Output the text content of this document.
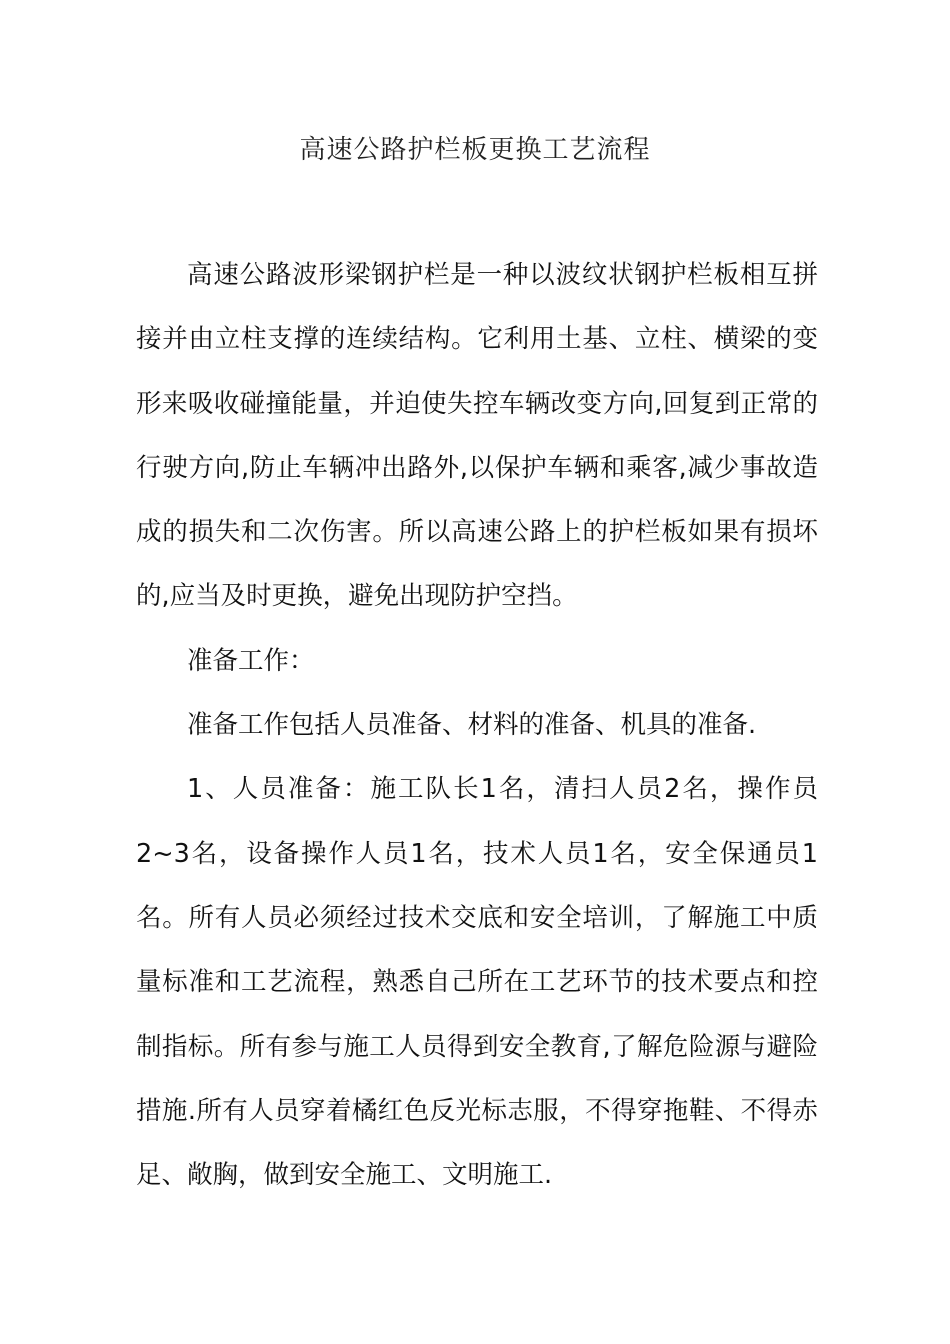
高速公路护栏板更换工艺流程

高速公路波形梁钢护栏是一种以波纹状钢护栏板相互拼接并由立柱支撑的连续结构。它利用土基、立柱、横梁的变形来吸收碰撞能量，并迫使失控车辆改变方向,回复到正常的行驶方向,防止车辆冲出路外,以保护车辆和乘客,减少事故造成的损失和二次伤害。所以高速公路上的护栏板如果有损坏的,应当及时更换，避免出现防护空挡。

准备工作：

准备工作包括人员准备、材料的准备、机具的准备.

1、人员准备：施工队长1名，清扫人员2名，操作员2~3名，设备操作人员1名，技术人员1名，安全保通员1名。所有人员必须经过技术交底和安全培训，了解施工中质量标准和工艺流程，熟悉自己所在工艺环节的技术要点和控制指标。所有参与施工人员得到安全教育,了解危险源与避险措施.所有人员穿着橘红色反光标志服，不得穿拖鞋、不得赤足、敞胸，做到安全施工、文明施工.
